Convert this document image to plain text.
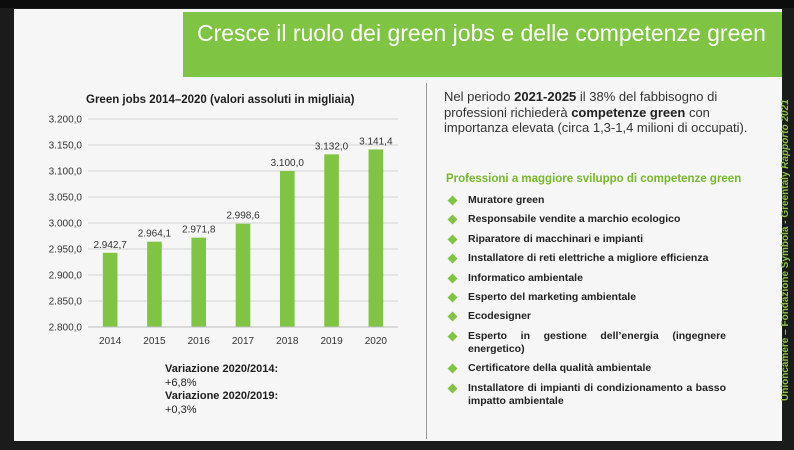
Cresce il ruolo dei green jobs e delle competenze green
Green jobs 2014–2020 (valori assoluti in migliaia)
2.800,0
2.850,0
2.900,0
2.950,0
3.000,0
3.050,0
3.100,0
3.150,0
3.200,0
2.942,7
2014
2.964,1
2015
2.971,8
2016
2.998,6
2017
3.100,0
2018
3.132,0
2019
3.141,4
2020
Variazione 2020/2014:
+6,8%
Variazione 2020/2019:
+0,3%
Nel periodo 2021-2025 il 38% del fabbisogno di professioni richiederà competenze green con importanza elevata (circa 1,3-1,4 milioni di occupati).
Professioni a maggiore sviluppo di competenze green
Muratore green
Responsabile vendite a marchio ecologico
Riparatore di macchinari e impianti
Installatore di reti elettriche a migliore efficienza
Informatico ambientale
Esperto del marketing ambientale
Ecodesigner
Esperto in gestione dell’energia (ingegnere energetico)
Certificatore della qualità ambientale
Installatore di impianti di condizionamento a basso impatto ambientale	Unioncamere – Fondazione Symbola - Greentaly Rapporto 2021
